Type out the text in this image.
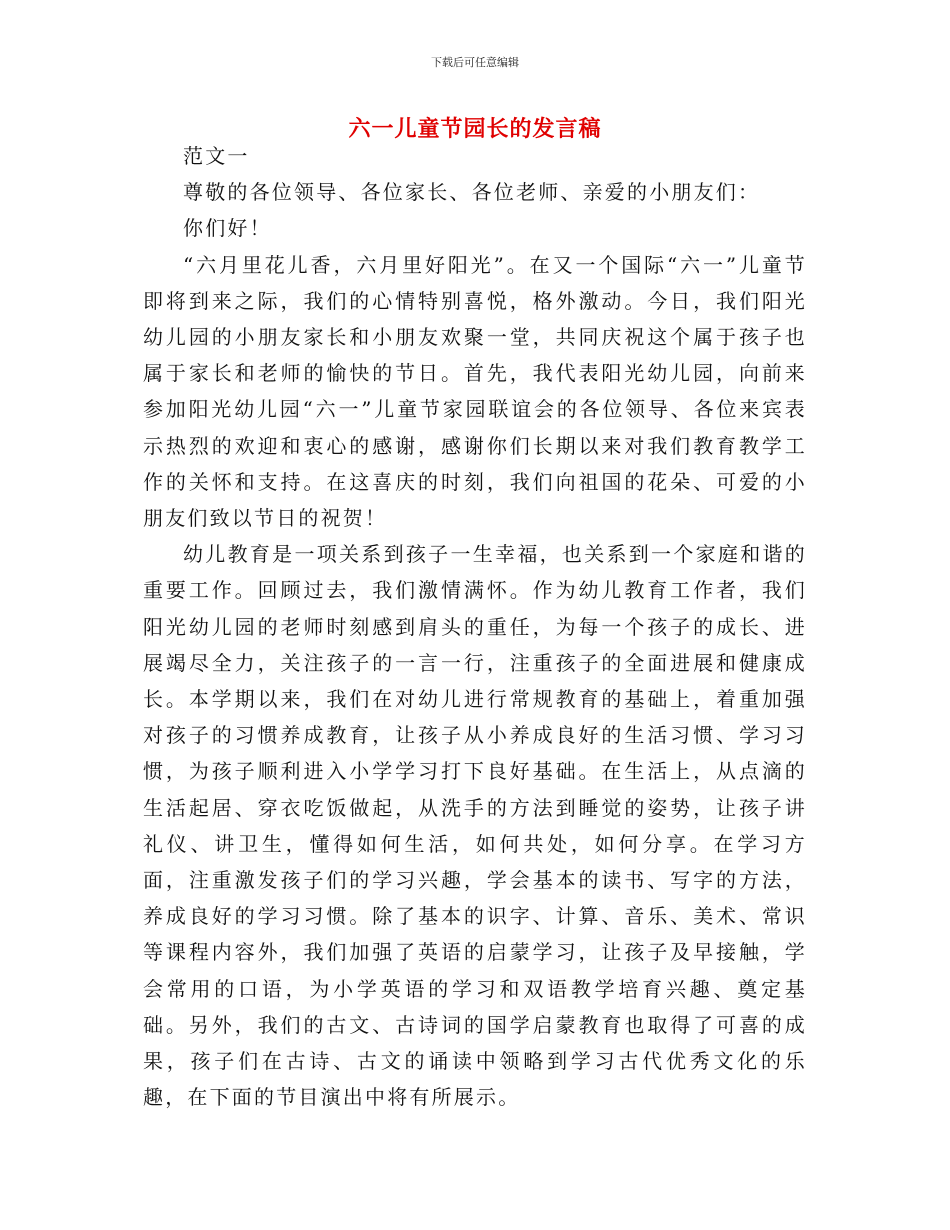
下载后可任意编辑
六一儿童节园长的发言稿

范文一

尊敬的各位领导、各位家长、各位老师、亲爱的小朋友们：

你们好！

“六月里花儿香，六月里好阳光”。在又一个国际“六一”儿童节即将到来之际，我们的心情特别喜悦，格外激动。今日，我们阳光幼儿园的小朋友家长和小朋友欢聚一堂，共同庆祝这个属于孩子也属于家长和老师的愉快的节日。首先，我代表阳光幼儿园，向前来参加阳光幼儿园“六一”儿童节家园联谊会的各位领导、各位来宾表示热烈的欢迎和衷心的感谢，感谢你们长期以来对我们教育教学工作的关怀和支持。在这喜庆的时刻，我们向祖国的花朵、可爱的小朋友们致以节日的祝贺！

幼儿教育是一项关系到孩子一生幸福，也关系到一个家庭和谐的重要工作。回顾过去，我们激情满怀。作为幼儿教育工作者，我们阳光幼儿园的老师时刻感到肩头的重任，为每一个孩子的成长、进展竭尽全力，关注孩子的一言一行，注重孩子的全面进展和健康成长。本学期以来，我们在对幼儿进行常规教育的基础上，着重加强对孩子的习惯养成教育，让孩子从小养成良好的生活习惯、学习习惯，为孩子顺利进入小学学习打下良好基础。在生活上，从点滴的生活起居、穿衣吃饭做起，从洗手的方法到睡觉的姿势，让孩子讲礼仪、讲卫生，懂得如何生活，如何共处，如何分享。在学习方面，注重激发孩子们的学习兴趣，学会基本的读书、写字的方法，养成良好的学习习惯。除了基本的识字、计算、音乐、美术、常识等课程内容外，我们加强了英语的启蒙学习，让孩子及早接触，学会常用的口语，为小学英语的学习和双语教学培育兴趣、奠定基础。另外，我们的古文、古诗词的国学启蒙教育也取得了可喜的成果，孩子们在古诗、古文的诵读中领略到学习古代优秀文化的乐趣，在下面的节目演出中将有所展示。
